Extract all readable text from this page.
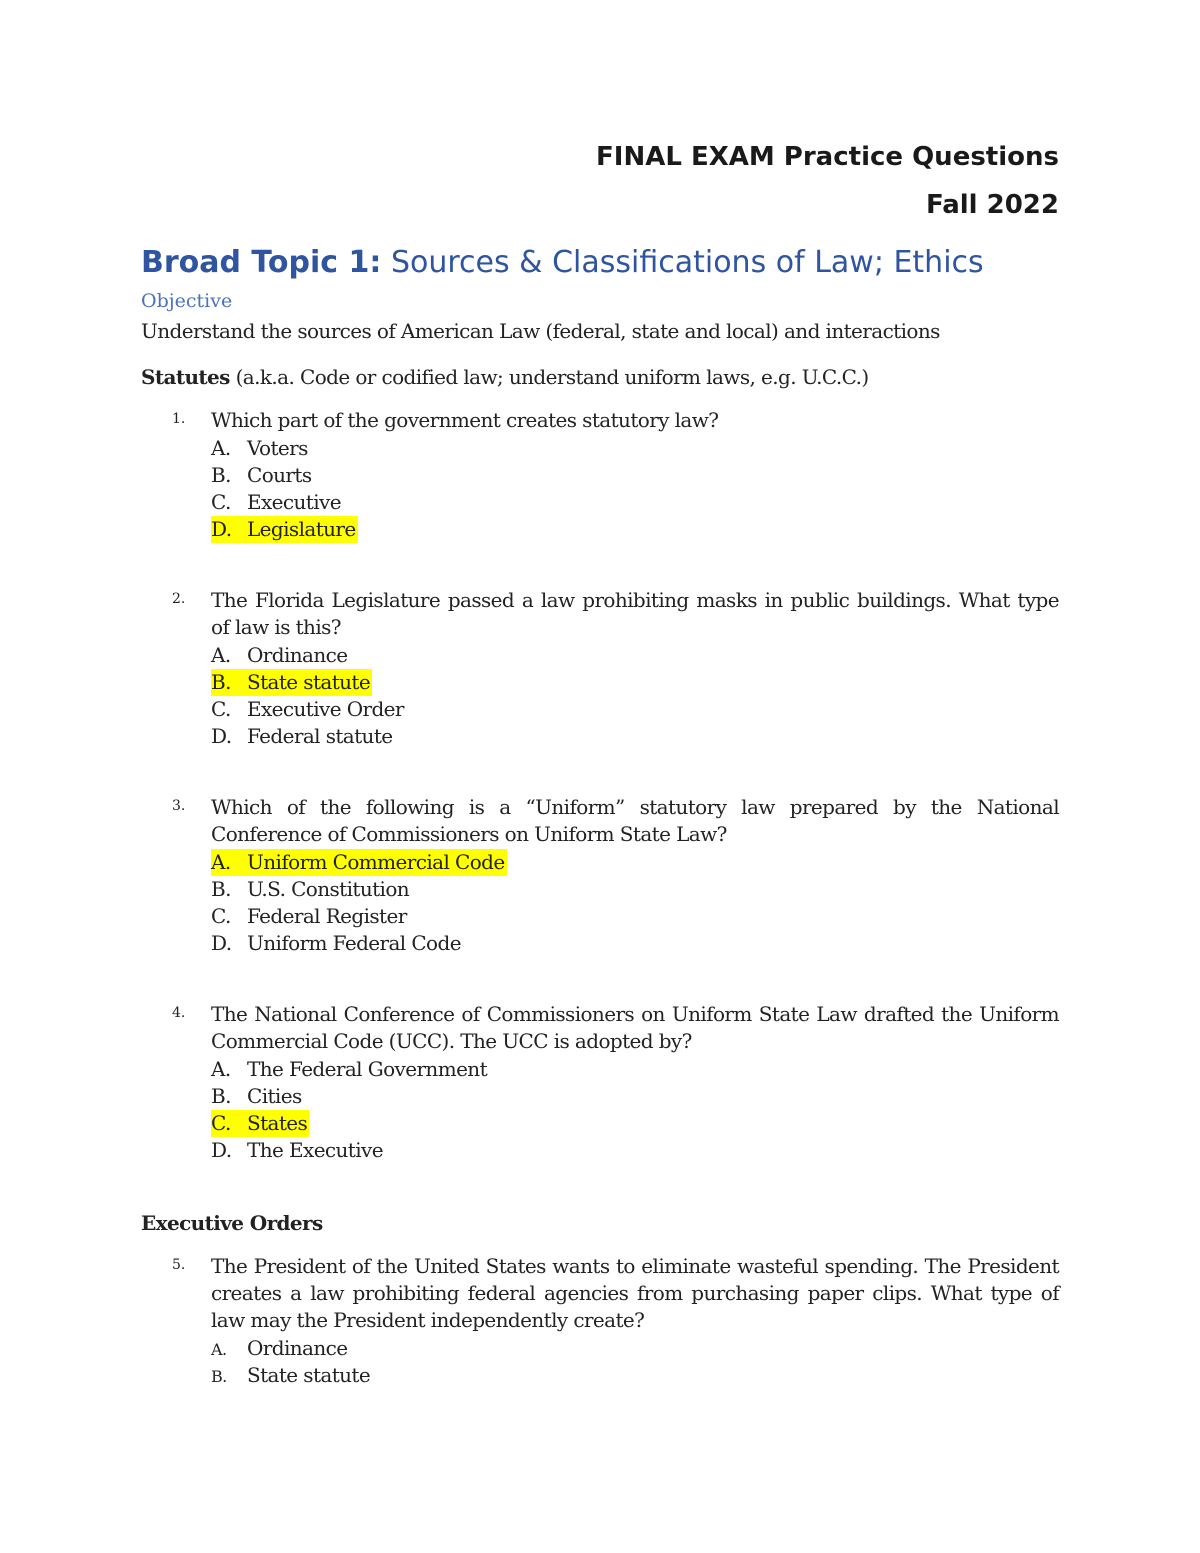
FINAL EXAM Practice Questions
Fall 2022
Broad Topic 1: Sources & Classifications of Law; Ethics
Objective
Understand the sources of American Law (federal, state and local) and interactions
Statutes (a.k.a. Code or codified law; understand uniform laws, e.g. U.C.C.)
1. Which part of the government creates statutory law?
A. Voters
B. Courts
C. Executive
D. Legislature
2. The Florida Legislature passed a law prohibiting masks in public buildings. What type of law is this?
A. Ordinance
B. State statute
C. Executive Order
D. Federal statute
3. Which of the following is a “Uniform” statutory law prepared by the National Conference of Commissioners on Uniform State Law?
A. Uniform Commercial Code
B. U.S. Constitution
C. Federal Register
D. Uniform Federal Code
4. The National Conference of Commissioners on Uniform State Law drafted the Uniform Commercial Code (UCC). The UCC is adopted by?
A. The Federal Government
B. Cities
C. States
D. The Executive
Executive Orders
5. The President of the United States wants to eliminate wasteful spending. The President creates a law prohibiting federal agencies from purchasing paper clips. What type of law may the President independently create?
A. Ordinance
B. State statute
